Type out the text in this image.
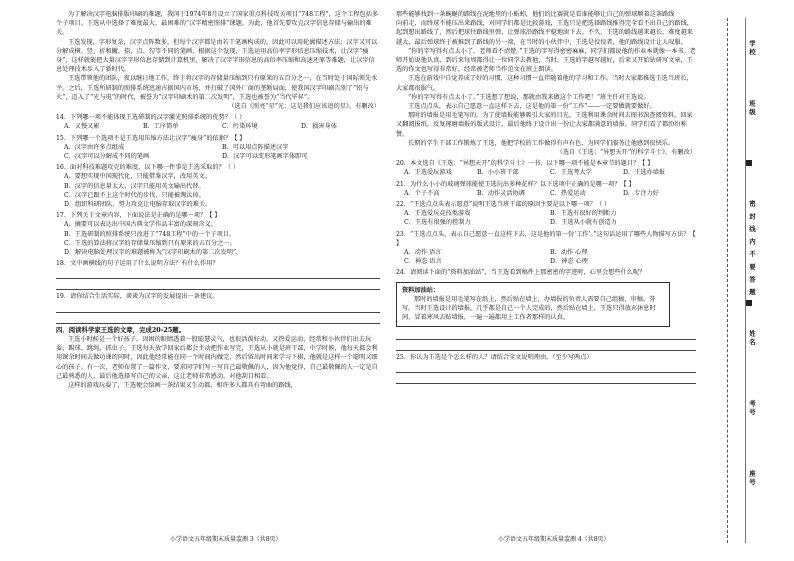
为了解决汉字电脑排版印刷的难题，我国于1974年8月设立了国家重点科技攻关项目“748工程”，这个工程包括多个子项目。王选从中选择了难度最大、最困难的“汉字精密照排”课题。为此，他首先要攻克汉字信息存储与输出的难关。

王选发现，字形复杂，汉字点阵数多，但每个汉字都是由若干笔画构成的，因此可以用轮廓描述方法；汉字又可以分解成横、竖、折和撇、捺、点、勾等不同的笔画，根据这个发现，王选运用高倍率字形信息压缩技术，让汉字“瘦身”，这样就能把大量汉字字形信息存储到计算机里，解决了汉字字形信息的高倍率压缩和高速还原等难题，让汉字信息处理技术步入了新时代。

王选带领他的团队，夜以继日地工作，终于将汉字的存储量压缩到只有原来的五百分之一，在当时处于国际领先水平。之后，王选所研制的照排系统迅速占据国内市场，并打破了国外厂商的垄断局面，使我国汉字印刷告别了“铅与火”，迈入了“光与电”的时代，被誉为“汉字印刷术的第二次发明”，王选也被誉为“当代毕昇”。

（选自《照亮“星”光：这是我们应该追的星》，有删改）

14．下列哪一项不能体现王选研制的汉字激光照排系统的优势？（ ）

A．又慢又累	B．工序简单	C．污染环境	D．损害身体

15．下列哪一个选项不是王选用压缩方法让汉字“瘦身”的依据？【 】

A．汉字由许多点组成	B．可以用点阵描述汉字
C．汉字可以分解成不同的笔画	D．汉字可以变形笔画字体即可

16．面对科技难题攻克的难度，以下哪一件事是王选采取的？（ ）

A．要想实现中国现代化，只能借鉴汉字，改用英文。
B．汉字的信息量太大，汉字只能用英文输出代替。
C．汉字已跟不上这个时代的步伐，只能被淘汰掉。
D．组织科研团队，努力攻克让电脑存取汉字的难关。

17．下列关于文章内容，下面说法是正确的是哪一项？【 】

A．摘要可以表达出中国古典文学作品丰富的深刻含义。
B．王选研制的照排系统只改进了“748工程”中的一个子项目。
C．王选的算法将汉字的存储量压缩到只有原来的五百分之一。
D．解决电脑处理汉字的难题被称为“汉字印刷术的第二次发明”。

18．文中画横线的句子运用了什么说明方法？有什么作用？

19．请你结合生活实际，谈谈为汉字的发展提出一条建议。

四．阅读科学家王选的文章，完成20-25题。

王选小时候是一个好孩子。因困的眼睛透着一股聪慧灵气，也很活泼好动。又热爱运动，经常和小伙伴们出去玩耍，踢球、跳绳、抓虫子，王选每天放学回家后都会主动把作业写完，王选从小就是班干部，中学时候，他每天都会利用课余时间去做功课的同时，因此他经常能在同一个时间内做完，然后留出时间来学习下棋，他就是这样一个聪明又细心的孩子。有一次，老师布置了一篇作文，要求同学们写一写自己最敬佩的人，因为他觉得，自己最敬佩的人一定是自己最熟悉的人，最后他选择写自己的父亲，这让老师非常感动，对他刮目相看。

这样的游戏玩耍了，王选便会给画一条结果又生动都，相许多人都具有弯曲的路线，

小学语文五年级期末质量监测 3（共8页）

那些能够找到一条蜿蜒的路线在泥地里的小蚯蚓，他们的比赛就是看谁能够让自己的弹球顺着这条路线

向前走，而终球不能压出来路线，对同学们都是比较游戏，王选只是把选择路线推得完全看不出自己的路线，起到想出路线了，然后把球往路线里弹，让弹球沿路线平稳地滚下去。不久，王选的路线越来越长，难度越来越大，最后弹球终于被推到了路线的另一端，在当时的小伙伴中，王选是佼佼者，他的路线设计让人叹服。

“你的字写得有点太小了，老师看不清楚。”王选的字写得密密麻麻，同学们都说他的作业本就像一本书。老师开始说他认真，到后来每周都得让一位同学去教他，当时，王选的字越写越好，后来又开始钻研写文章，王选的作文也写得非常好，经常被老师当作范文在班上朗读。

王选在游戏中自觉养成了好的习惯，这种习惯一直伴随着他的学习和工作。当时大家都推选王选当班长，大家都很服气。

“你的字写得有点太小了。”王选想了想说，那就由我来做这个工作吧！“班主任对王选说。

王选点点头，表示自己愿意一直这样下去，这是他的第一份“工作”——一定要做就要做好。

那时的墙报是用毛笔写的，为了使墙报能够吸引大家的目光，王选利用课余时间去图书馆查阅资料，回家又翻阅报纸，反复琢磨墙报的版式设计，最后他终于设计出一份让大家都满意的墙报。同学们看了都纷纷称赞。

长期的学生干部工作锻炼了王选，他把学校的工作做得有声有色，为同学们服务让他感到很快乐。

（选自《王选：“异想天开”的科学斗士》，有删改）

20．本文选自《王选：“异想天开”的科学斗士》一书，以下哪一项不能是本章节的题目？【 】

A．王选爱玩游戏	B．小小班干部	C．王选考大学	D．王选办墙报

21．为什么小小的玻璃弹球能使王选玩出多种花样？以下选项中正确的是哪一项？【 】

A．个子不高	B．动作灵活协调	C．热爱运动	D．专注力好

22．“王选点点头表示愿意”说明王选当班干部的原因主要是以下哪一项？（ ）

A．王选爱玩竞技类游戏	B．王选有很好的判断力
C．王选有很强的控制力	D．王选从小就有创造力

23．“王选点点头，表示自己愿意一直这样下去，这是他的第一份‘工作’。”这句话运用了哪些人物描写方法？【 】

A．动作 语言	B．动作 心理
C．神态 语言	D．神态 心理

24．请阅读下面的“资料加油站”，当王选看到稿件上那密密的字迹时，心里会想些什么呢？

资料加油站：

那时的墙报是用毛笔写在纸上，然后贴在墙上，办墙报的负责人需要自己组稿、审稿、誊写。当时王选设计的墙报，几乎都是自己一个人完成的，然后贴在墙上，王选只得放弃休息时间，冒着寒风去贴墙报，一遍一遍都用上工作者那样的认真。

25．你认为王选是个怎么样的人？请结合全文说明理由。（至少写两点）

小学语文五年级期末质量监测 4（共8页）
学校
班级
密 封 线 内 不 要 答 题
姓名
考号
座号
